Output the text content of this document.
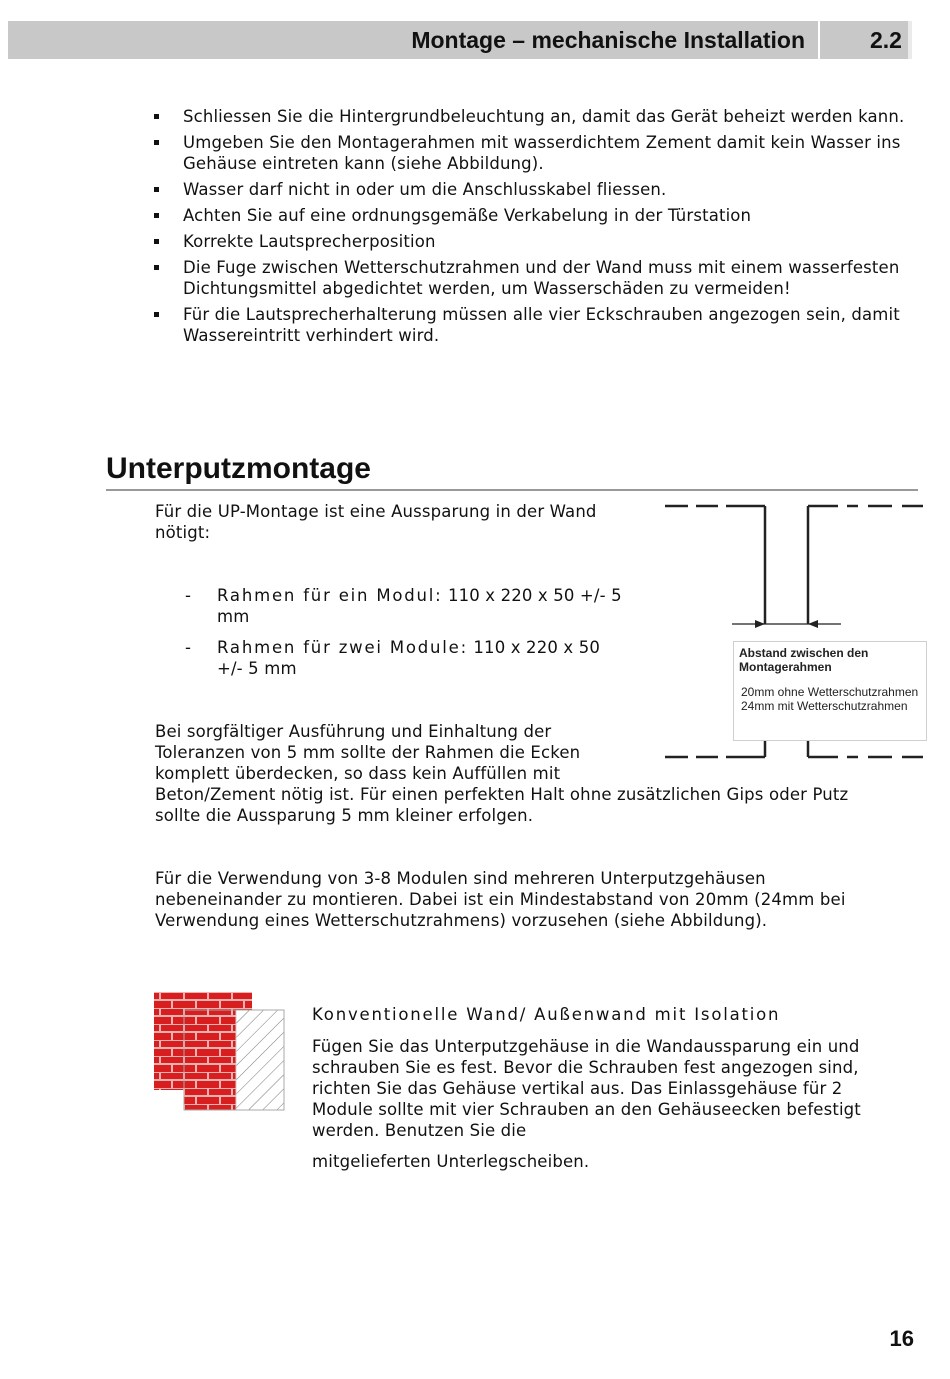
Montage – mechanische Installation	2.2
Schliessen Sie die Hintergrundbeleuchtung an, damit das Gerät beheizt werden kann.
Umgeben Sie den Montagerahmen mit wasserdichtem Zement damit kein Wasser ins Gehäuse eintreten kann (siehe Abbildung).
Wasser darf nicht in oder um die Anschlusskabel fliessen.
Achten Sie auf eine ordnungsgemäße Verkabelung in der Türstation
Korrekte Lautsprecherposition
Die Fuge zwischen Wetterschutzrahmen und der Wand muss mit einem wasserfesten Dichtungsmittel abgedichtet werden, um Wasserschäden zu vermeiden!
Für die Lautsprecherhalterung müssen alle vier Eckschrauben angezogen sein, damit Wassereintritt verhindert wird.
Unterputzmontage
Für die UP-Montage ist eine Aussparung in der Wand
nötigt:
- Rahmen für ein Modul: 110 x 220 x 50 +/- 5
mm
- Rahmen für zwei Module: 110 x 220 x 50
+/- 5 mm
Bei sorgfältiger Ausführung und Einhaltung der
Toleranzen von 5 mm sollte der Rahmen die Ecken
komplett überdecken, so dass kein Auffüllen mit
Beton/Zement nötig ist. Für einen perfekten Halt ohne zusätzlichen Gips oder Putz
sollte die Aussparung 5 mm kleiner erfolgen.
Abstand zwischen den Montagerahmen
20mm ohne Wetterschutzrahmen
24mm mit Wetterschutzrahmen
Für die Verwendung von 3-8 Modulen sind mehreren Unterputzgehäusen
nebeneinander zu montieren. Dabei ist ein Mindestabstand von 20mm (24mm bei
Verwendung eines Wetterschutzrahmens) vorzusehen (siehe Abbildung).
Konventionelle Wand/ Außenwand mit Isolation
Fügen Sie das Unterputzgehäuse in die Wandaussparung ein und
schrauben Sie es fest. Bevor die Schrauben fest angezogen sind,
richten Sie das Gehäuse vertikal aus. Das Einlassgehäuse für 2
Module sollte mit vier Schrauben an den Gehäuseecken befestigt
werden. Benutzen Sie die
mitgelieferten Unterlegscheiben.
16
